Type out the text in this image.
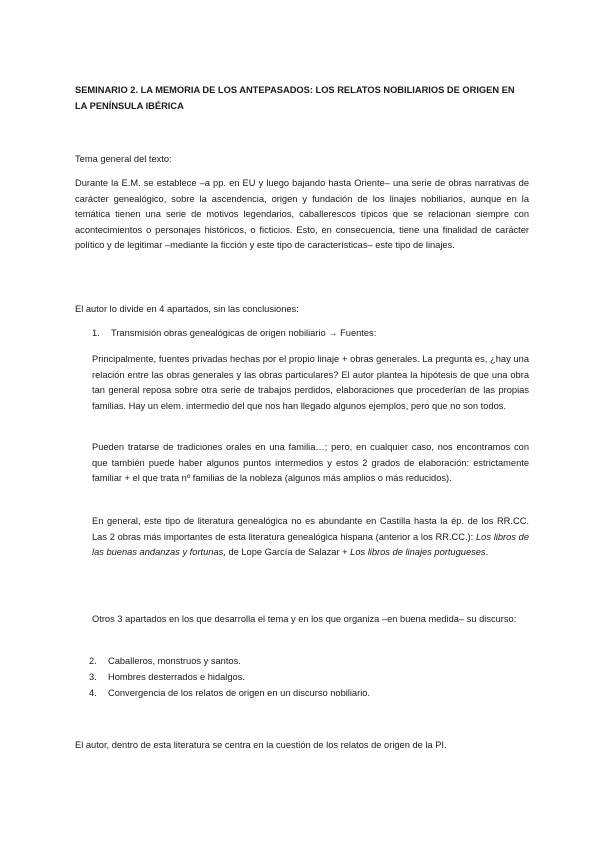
SEMINARIO 2. LA MEMORIA DE LOS ANTEPASADOS: LOS RELATOS NOBILIARIOS DE ORIGEN EN LA PENÍNSULA IBÉRICA

Tema general del texto:

Durante la E.M. se establece –a pp. en EU y luego bajando hasta Oriente– una serie de obras narrativas de carácter genealógico, sobre la ascendencia, origen y fundación de los linajes nobiliarios, aunque en la temática tienen una serie de motivos legendarios, caballerescos típicos que se relacionan siempre con acontecimientos o personajes históricos, o ficticios. Esto, en consecuencia, tiene una finalidad de carácter político y de legitimar –mediante la ficción y este tipo de características– este tipo de linajes.

El autor lo divide en 4 apartados, sin las conclusiones:

1. Transmisión obras genealógicas de origen nobiliario → Fuentes:

Principalmente, fuentes privadas hechas por el propio linaje + obras generales. La pregunta es, ¿hay una relación entre las obras generales y las obras particulares? El autor plantea la hipótesis de que una obra tan general reposa sobre otra serie de trabajos perdidos, elaboraciones que procederían de las propias familias. Hay un elem. intermedio del que nos han llegado algunos ejemplos, pero que no son todos.

Pueden tratarse de tradiciones orales en una familia…; pero, en cualquier caso, nos encontramos con que también puede haber algunos puntos intermedios y estos 2 grados de elaboración: estrictamente familiar + el que trata nº familias de la nobleza (algunos más amplios o más reducidos).

En general, este tipo de literatura genealógica no es abundante en Castilla hasta la ép. de los RR.CC. Las 2 obras más importantes de esta literatura genealógica hispana (anterior a los RR.CC.): Los libros de las buenas andanzas y fortunas, de Lope García de Salazar + Los libros de linajes portugueses.

Otros 3 apartados en los que desarrolla el tema y en los que organiza –en buena medida– su discurso:

2. Caballeros, monstruos y santos.
3. Hombres desterrados e hidalgos.
4. Convergencia de los relatos de origen en un discurso nobiliario.

El autor, dentro de esta literatura se centra en la cuestión de los relatos de origen de la PI.
